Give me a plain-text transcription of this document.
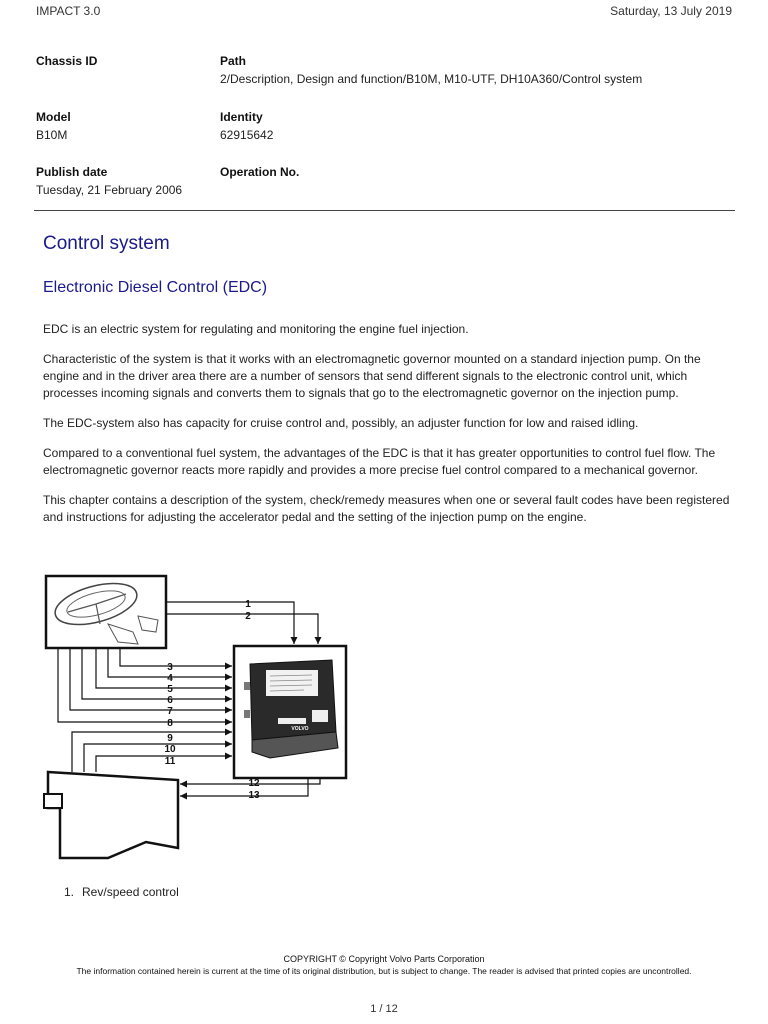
IMPACT 3.0	Saturday, 13 July 2019
Chassis ID	Path
2/Description, Design and function/B10M, M10-UTF, DH10A360/Control system
Model
B10M
Identity
62915642
Publish date
Tuesday, 21 February 2006
Operation No.
Control system
Electronic Diesel Control (EDC)

EDC is an electric system for regulating and monitoring the engine fuel injection.

Characteristic of the system is that it works with an electromagnetic governor mounted on a standard injection pump. On the engine and in the driver area there are a number of sensors that send different signals to the electronic control unit, which processes incoming signals and converts them to signals that go to the electromagnetic governor on the injection pump.

The EDC-system also has capacity for cruise control and, possibly, an adjuster function for low and raised idling.

Compared to a conventional fuel system, the advantages of the EDC is that it has greater opportunities to control fuel flow. The electromagnetic governor reacts more rapidly and provides a more precise fuel control compared to a mechanical governor.

This chapter contains a description of the system, check/remedy measures when one or several fault codes have been registered and instructions for adjusting the accelerator pedal and the setting of the injection pump on the engine.

VOLVO
1
2
3
4
5
6
7
8
9
10
11
12
13
1. Rev/speed control
COPYRIGHT © Copyright Volvo Parts Corporation
The information contained herein is current at the time of its original distribution, but is subject to change. The reader is advised that printed copies are uncontrolled.
1 / 12
